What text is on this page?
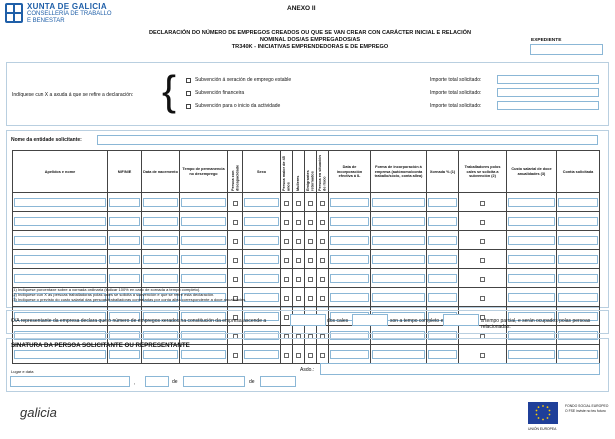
XUNTA DE GALICIA
CONSELLERÍA DE TRABALLO
E BENESTAR
ANEXO II
DECLARACIÓN DO NÚMERO DE EMPREGOS CREADOS OU QUE SE VAN CREAR CON CARÁCTER INICIAL E RELACIÓN
NOMINAL DOS/AS EMPREGADOS/AS
TR340K - INICIATIVAS EMPRENDEDORAS E DE EMPREGO
EXPEDIENTE
Indíquese cun X a axuda á que se refire a declaración: {	Subvención á xeración de emprego estable	Importe total solicitado:
Subvención financeira	Importe total solicitado:
Subvención para o inicio da actividade	Importe total solicitado:
Nome da entidade solicitante:
Apelidos e nome	NIF/NIE	Data de nacemento	Tempo de permanencia no desemprego	Persoa con discapacidade	Sexo	Persoa maior de 45 anos	Mulleres	Emigrantes retornados	Persoa en situación de risco	Data de incorporación efectiva á IL	Forma de incorporación á empresa (autónomo/conta traballo/sócio, conta allea)	Xornada % (1)	Traballadores polos cales se solicita a subvención (2)	Custo salarial de doce anualidades (3)	Contía solicitada

(1) Indíquese porcentaxe sobre a xornada ordinaria (indicar 100% en caso de xornada a tempo completo).
(2) Indíquese cun X as persoas traballadoras polas cales se solicita a subvención e que se refire esta declaración.
(3) Indíquese o previsto do custo salarial das persoas traballadoras contratadas por conta allea correspondente a doce anualidades.
O/A representante da empresa declara que o número de empregos xerados na constitución da empresa ascende a	dos cales	son a tempo completo e	a tempo parcial, e serán ocupados polas persoas relacionadas.
SINATURA DA PERSOA SOLICITANTE OU REPRESENTANTE
Lugar e data
,	de	de
Asdo.:
galicia	FONDO SOCIAL EUROPEO
O FSE inviste no teu futuro
UNIÓN EUROPEA
